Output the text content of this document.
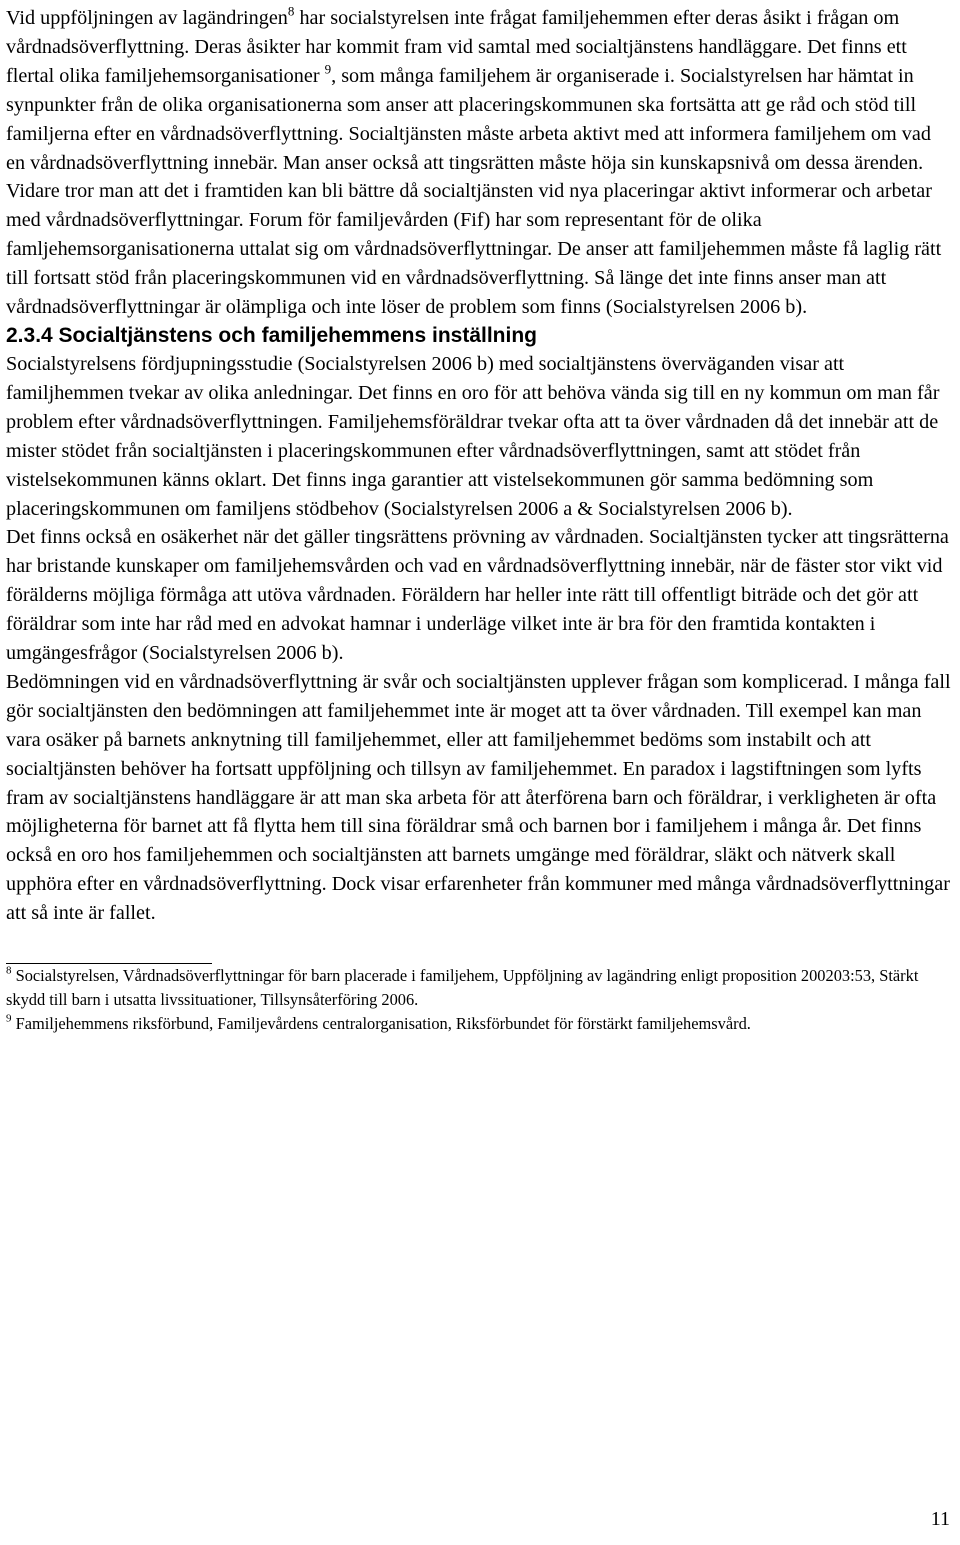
Vid uppföljningen av lagändringen$^8$ har socialstyrelsen inte frågat familjehemmen efter deras åsikt i frågan om vårdnadsöverflyttning. Deras åsikter har kommit fram vid samtal med socialtjänstens handläggare. Det finns ett flertal olika familjehemsorganisationer $^9$, som många familjehem är organiserade i. Socialstyrelsen har hämtat in synpunkter från de olika organisationerna som anser att placeringskommunen ska fortsätta att ge råd och stöd till familjerna efter en vårdnadsöverflyttning. Socialtjänsten måste arbeta aktivt med att informera familjehem om vad en vårdnadsöverflyttning innebär. Man anser också att tingsrätten måste höja sin kunskapsnivå om dessa ärenden. Vidare tror man att det i framtiden kan bli bättre då socialtjänsten vid nya placeringar aktivt informerar och arbetar med vårdnadsöverflyttningar. Forum för familjevården (Fif) har som representant för de olika famljehemsorganisationerna uttalat sig om vårdnadsöverflyttningar. De anser att familjehemmen måste få laglig rätt till fortsatt stöd från placeringskommunen vid en vårdnadsöverflyttning. Så länge det inte finns anser man att vårdnadsöverflyttningar är olämpliga och inte löser de problem som finns (Socialstyrelsen 2006 b).

2.3.4 Socialtjänstens och familjehemmens inställning

Socialstyrelsens fördjupningsstudie (Socialstyrelsen 2006 b) med socialtjänstens överväganden visar att familjhemmen tvekar av olika anledningar. Det finns en oro för att behöva vända sig till en ny kommun om man får problem efter vårdnadsöverflyttningen. Familjehemsföräldrar tvekar ofta att ta över vårdnaden då det innebär att de mister stödet från socialtjänsten i placeringskommunen efter vårdnadsöverflyttningen, samt att stödet från vistelsekommunen känns oklart. Det finns inga garantier att vistelsekommunen gör samma bedömning som placeringskommunen om familjens stödbehov (Socialstyrelsen 2006 a & Socialstyrelsen 2006 b).

Det finns också en osäkerhet när det gäller tingsrättens prövning av vårdnaden. Socialtjänsten tycker att tingsrätterna har bristande kunskaper om familjehemsvården och vad en vårdnadsöverflyttning innebär, när de fäster stor vikt vid förälderns möjliga förmåga att utöva vårdnaden. Föräldern har heller inte rätt till offentligt biträde och det gör att föräldrar som inte har råd med en advokat hamnar i underläge vilket inte är bra för den framtida kontakten i umgängesfrågor (Socialstyrelsen 2006 b).

Bedömningen vid en vårdnadsöverflyttning är svår och socialtjänsten upplever frågan som komplicerad. I många fall gör socialtjänsten den bedömningen att familjehemmet inte är moget att ta över vårdnaden. Till exempel kan man vara osäker på barnets anknytning till familjehemmet, eller att familjehemmet bedöms som instabilt och att socialtjänsten behöver ha fortsatt uppföljning och tillsyn av familjehemmet. En paradox i lagstiftningen som lyfts fram av socialtjänstens handläggare är att man ska arbeta för att återförena barn och föräldrar, i verkligheten är ofta möjligheterna för barnet att få flytta hem till sina föräldrar små och barnen bor i familjehem i många år. Det finns också en oro hos familjehemmen och socialtjänsten att barnets umgänge med föräldrar, släkt och nätverk skall upphöra efter en vårdnadsöverflyttning. Dock visar erfarenheter från kommuner med många vårdnadsöverflyttningar att så inte är fallet.

$^8$ Socialstyrelsen, Vårdnadsöverflyttningar för barn placerade i familjehem, Uppföljning av lagändring enligt proposition 200203:53, Stärkt skydd till barn i utsatta livssituationer, Tillsynsåterföring 2006.

$^9$ Familjehemmens riksförbund, Familjevårdens centralorganisation, Riksförbundet för förstärkt familjehemsvård.

11
